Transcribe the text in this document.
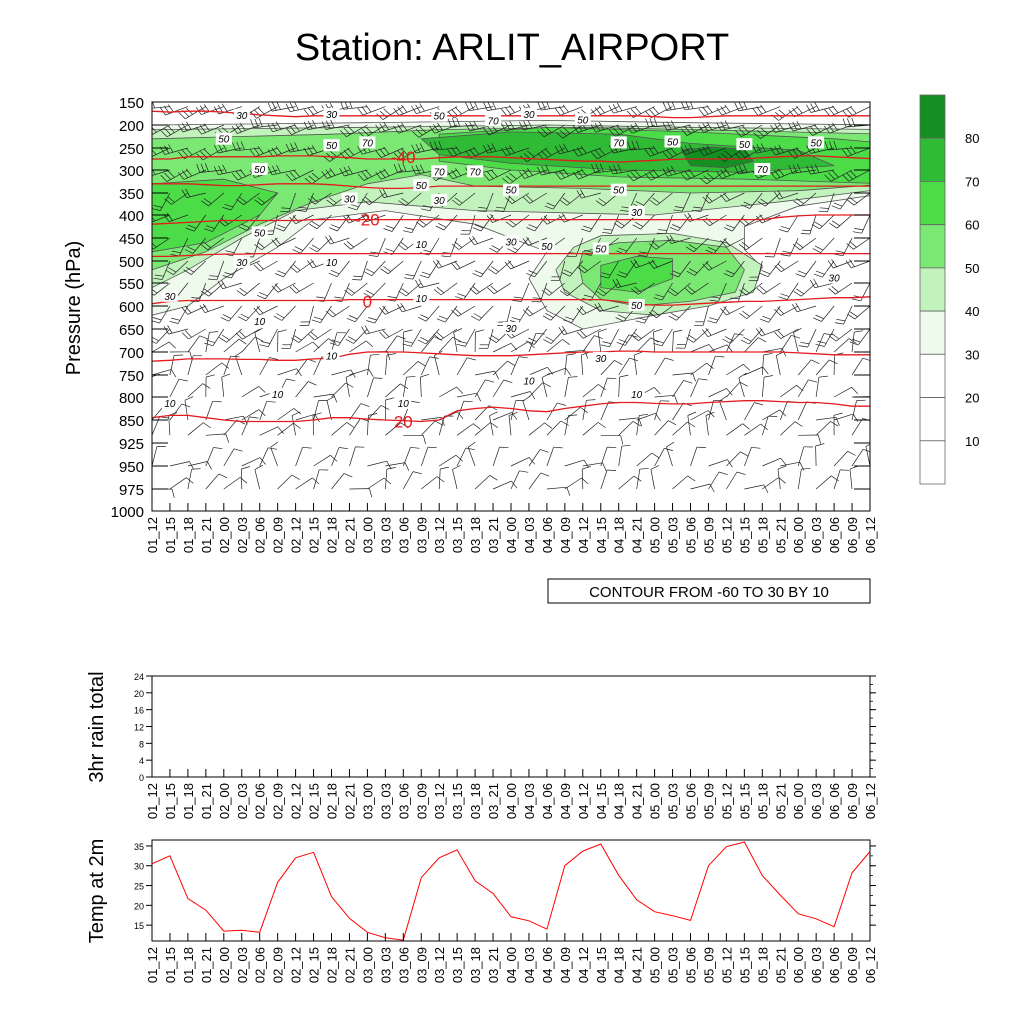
Station: ARLIT_AIRPORT
-40
-20
0
20
30	30	50	70
30	50
50
50 70	70	50	50	50
50	70 70	70
50	50	50
30	30
30
50
30 50	50
30	10
10
30
30	10
50
10
30
10	30
10
10	10
10	10
150
200
250
300
350
400
450
500
550
600
650
700
750
800
850
925
950
975
1000
01_12 01_15 01_18 01_21 02_00 02_03 02_06 02_09 02_12 02_15 02_18 02_21 03_00 03_03 03_06 03_09 03_12 03_15 03_18 03_21 04_00 04_03 04_06 04_09 04_12 04_15 04_18 04_21 05_00 05_03 05_06 05_09 05_12 05_15 05_18 05_21 06_00 06_03 06_06 06_09 06_12
Pressure (hPa)
CONTOUR FROM -60 TO 30 BY 10
80
70
60
50
40
30
20
10
0
4
8
12
16
20
24
01_12 01_15 01_18 01_21 02_00 02_03 02_06 02_09 02_12 02_15 02_18 02_21 03_00 03_03 03_06 03_09 03_12 03_15 03_18 03_21 04_00 04_03 04_06 04_09 04_12 04_15 04_18 04_21 05_00 05_03 05_06 05_09 05_12 05_15 05_18 05_21 06_00 06_03 06_06 06_09 06_12
3hr rain total
15
20
25
30
35
01_12 01_15 01_18 01_21 02_00 02_03 02_06 02_09 02_12 02_15 02_18 02_21 03_00 03_03 03_06 03_09 03_12 03_15 03_18 03_21 04_00 04_03 04_06 04_09 04_12 04_15 04_18 04_21 05_00 05_03 05_06 05_09 05_12 05_15 05_18 05_21 06_00 06_03 06_06 06_09 06_12
Temp at 2m
